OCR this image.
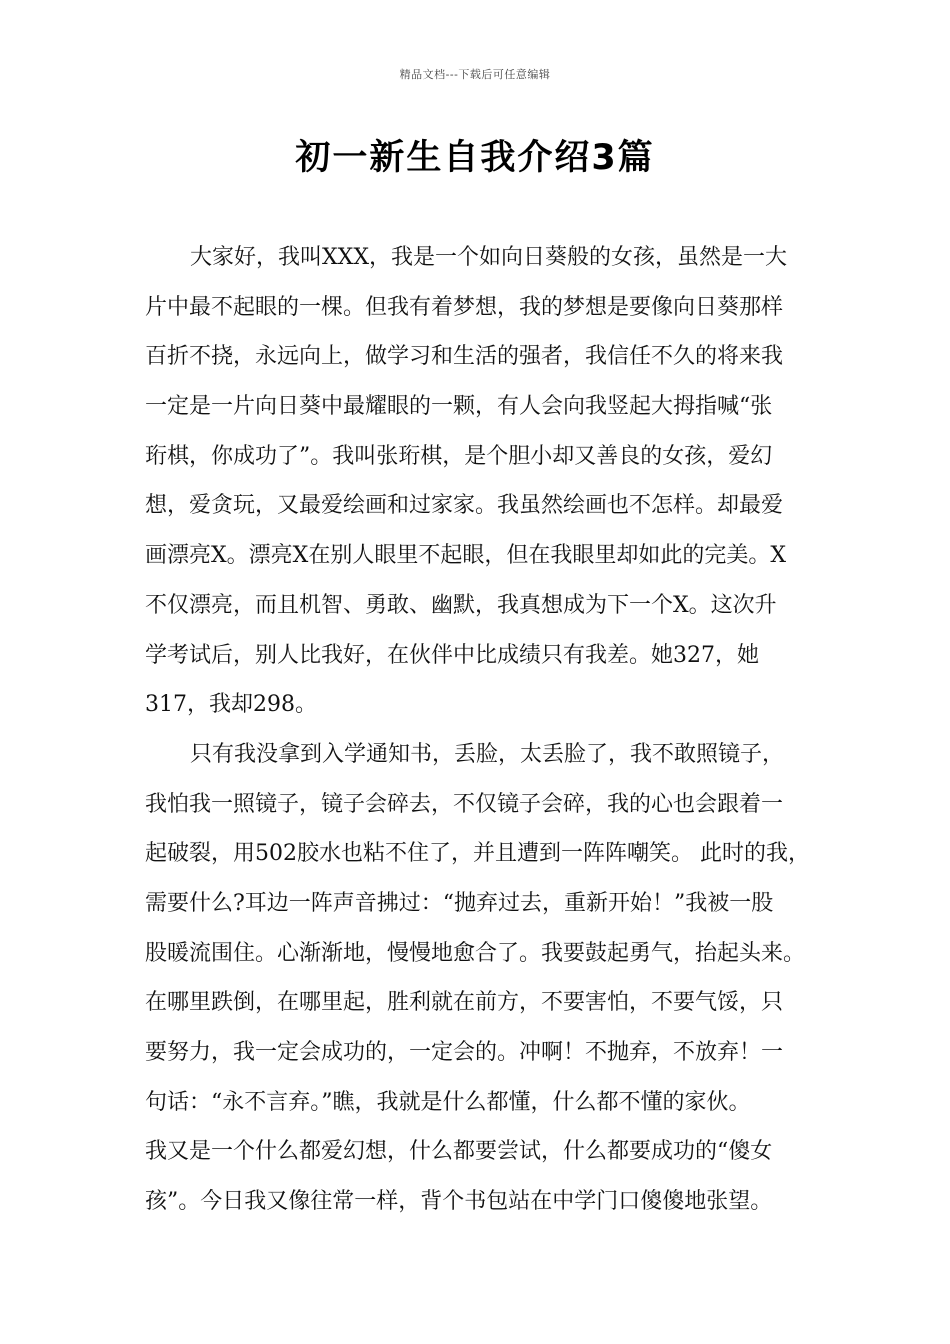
精品文档---下载后可任意编辑
初一新生自我介绍3篇

大家好，我叫XXX，我是一个如向日葵般的女孩，虽然是一大
片中最不起眼的一棵。但我有着梦想，我的梦想是要像向日葵那样
百折不挠，永远向上，做学习和生活的强者，我信任不久的将来我
一定是一片向日葵中最耀眼的一颗，有人会向我竖起大拇指喊“张
珩棋，你成功了”。我叫张珩棋，是个胆小却又善良的女孩，爱幻
想，爱贪玩，又最爱绘画和过家家。我虽然绘画也不怎样。却最爱
画漂亮X。漂亮X在别人眼里不起眼，但在我眼里却如此的完美。X
不仅漂亮，而且机智、勇敢、幽默，我真想成为下一个X。这次升
学考试后，别人比我好，在伙伴中比成绩只有我差。她327，她
317，我却298。

只有我没拿到入学通知书，丢脸，太丢脸了，我不敢照镜子，
我怕我一照镜子，镜子会碎去，不仅镜子会碎，我的心也会跟着一
起破裂，用502胶水也粘不住了，并且遭到一阵阵嘲笑。 此时的我，
需要什么?耳边一阵声音拂过：“抛弃过去，重新开始！”我被一股
股暖流围住。心渐渐地，慢慢地愈合了。我要鼓起勇气，抬起头来。
在哪里跌倒，在哪里起，胜利就在前方，不要害怕，不要气馁，只
要努力，我一定会成功的，一定会的。冲啊！不抛弃，不放弃！一
句话：“永不言弃。”瞧，我就是什么都懂，什么都不懂的家伙。
我又是一个什么都爱幻想，什么都要尝试，什么都要成功的“傻女
孩”。今日我又像往常一样，背个书包站在中学门口傻傻地张望。
